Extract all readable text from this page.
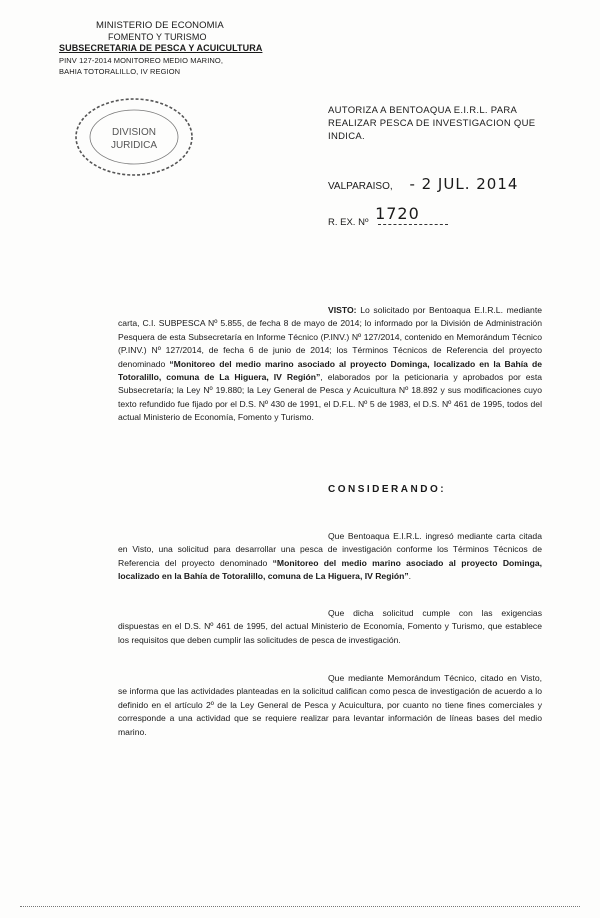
MINISTERIO DE ECONOMIA
FOMENTO Y TURISMO
SUBSECRETARIA DE PESCA Y ACUICULTURA
PINV 127-2014 MONITOREO MEDIO MARINO,
BAHIA TOTORALILLO, IV REGION
DIVISION
JURIDICA
AUTORIZA A BENTOAQUA E.I.R.L. PARA REALIZAR PESCA DE INVESTIGACION QUE INDICA.
VALPARAISO, - 2 JUL. 2014
R. EX. Nº 1720
VISTO: Lo solicitado por Bentoaqua E.I.R.L. mediante carta, C.I. SUBPESCA Nº 5.855, de fecha 8 de mayo de 2014; lo informado por la División de Administración Pesquera de esta Subsecretaría en Informe Técnico (P.INV.) Nº 127/2014, contenido en Memorándum Técnico (P.INV.) Nº 127/2014, de fecha 6 de junio de 2014; los Términos Técnicos de Referencia del proyecto denominado “Monitoreo del medio marino asociado al proyecto Dominga, localizado en la Bahía de Totoralillo, comuna de La Higuera, IV Región”, elaborados por la peticionaria y aprobados por esta Subsecretaría; la Ley Nº 19.880; la Ley General de Pesca y Acuicultura Nº 18.892 y sus modificaciones cuyo texto refundido fue fijado por el D.S. Nº 430 de 1991, el D.F.L. Nº 5 de 1983, el D.S. Nº 461 de 1995, todos del actual Ministerio de Economía, Fomento y Turismo.
CONSIDERANDO:
Que Bentoaqua E.I.R.L. ingresó mediante carta citada en Visto, una solicitud para desarrollar una pesca de investigación conforme los Términos Técnicos de Referencia del proyecto denominado “Monitoreo del medio marino asociado al proyecto Dominga, localizado en la Bahía de Totoralillo, comuna de La Higuera, IV Región”.
Que dicha solicitud cumple con las exigencias dispuestas en el D.S. Nº 461 de 1995, del actual Ministerio de Economía, Fomento y Turismo, que establece los requisitos que deben cumplir las solicitudes de pesca de investigación.
Que mediante Memorándum Técnico, citado en Visto, se informa que las actividades planteadas en la solicitud califican como pesca de investigación de acuerdo a lo definido en el artículo 2º de la Ley General de Pesca y Acuicultura, por cuanto no tiene fines comerciales y corresponde a una actividad que se requiere realizar para levantar información de líneas bases del medio marino.
